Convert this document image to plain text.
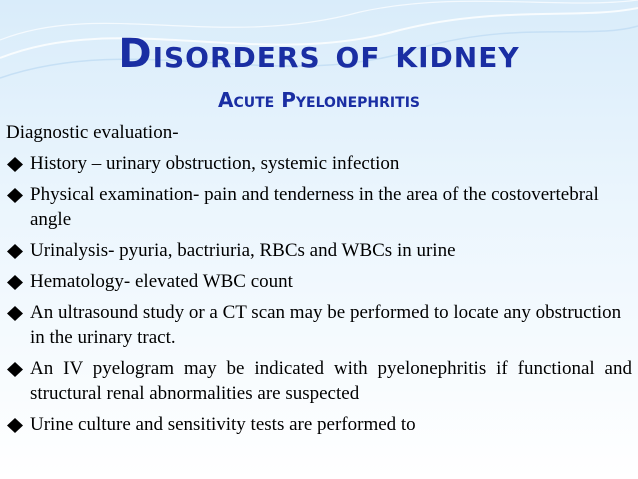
Disorders of kidney
Acute Pyelonephritis
Diagnostic evaluation-
History – urinary obstruction, systemic infection
Physical examination- pain and tenderness in the area of the costovertebral angle
Urinalysis- pyuria, bactriuria, RBCs and WBCs in urine
Hematology- elevated WBC count
An ultrasound study or a CT scan may be performed to locate any obstruction in the urinary tract.
An IV pyelogram may be indicated with pyelonephritis if functional and structural renal abnormalities are suspected
Urine culture and sensitivity tests are performed to
